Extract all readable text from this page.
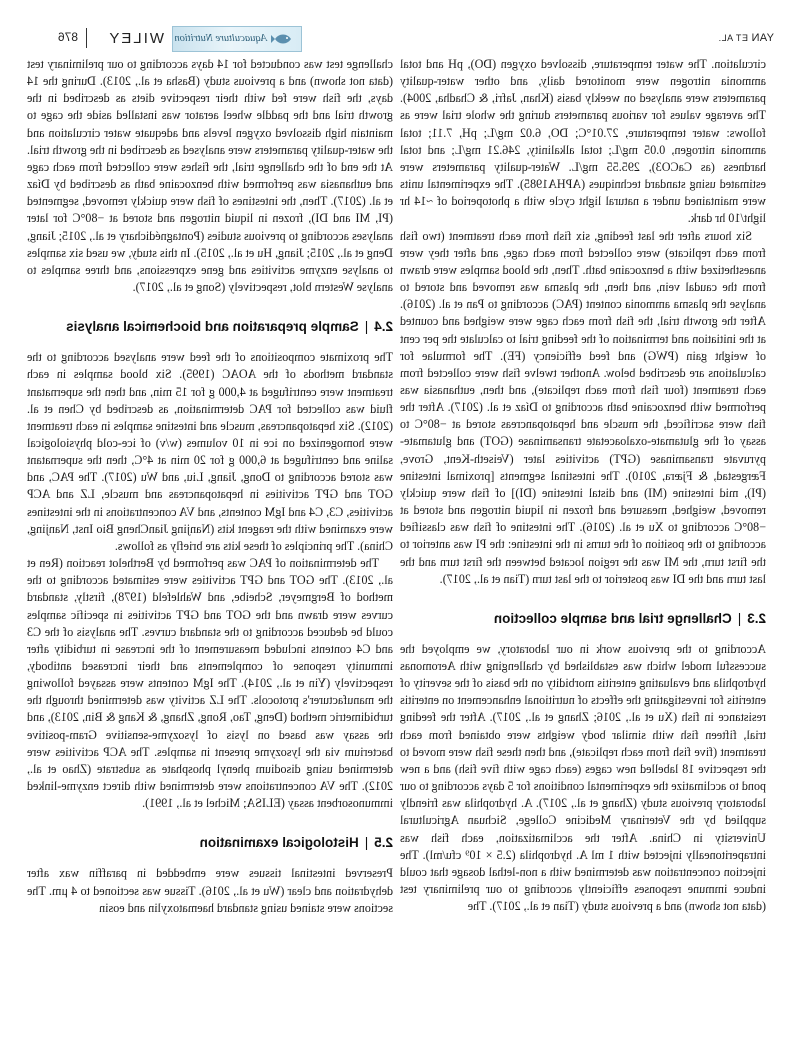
876 WILEY Aquaculture Nutrition	YAN ET AL.

circulation. The water temperature, dissolved oxygen (DO), pH and total ammonia nitrogen were monitored daily, and other water-quality parameters were analysed on weekly basis (Khan, Jafri, & Chadha, 2004). The average values for various parameters during the whole trial were as follows: water temperature, 27.01°C; DO, 6.02 mg/L; pH, 7.11; total ammonia nitrogen, 0.05 mg/L; total alkalinity, 246.21 mg/L; and total hardness (as CaCO3), 295.55 mg/L. Water-quality parameters were estimated using standard techniques (APHA1985). The experimental units were maintained under a natural light cycle with a photoperiod of ~14 hr light/10 hr dark.

Six hours after the last feeding, six fish from each treatment (two fish from each replicate) were collected from each cage, and after they were anaesthetized with a benzocaine bath. Then, the blood samples were drawn from the caudal vein, and then, the plasma was removed and stored to analyse the plasma ammonia content (PAC) according to Pan et al. (2016). After the growth trial, the fish from each cage were weighed and counted at the initiation and termination of the feeding trial to calculate the per cent of weight gain (PWG) and feed efficiency (FE). The formulae for calculations are described below. Another twelve fish were collected from each treatment (four fish from each replicate), and then, euthanasia was performed with benzocaine bath according to Díaz et al. (2017). After the fish were sacrificed, the muscle and hepatopancreas stored at −80°C to assay of the glutamate-oxaloacetate transaminase (GOT) and glutamate-pyruvate transaminase (GPT) activities later (Veiseth-Kent, Grove, Færgestad, & Fjæra, 2010). The intestinal segments [proximal intestine (PI), mid intestine (MI) and distal intestine (DI)] of fish were quickly removed, weighed, measured and frozen in liquid nitrogen and stored at −80°C according to Xu et al. (2016). The intestine of fish was classified according to the position of the turns in the intestine: the PI was anterior to the first turn, the MI was the region located between the first turn and the last turn and the DI was posterior to the last turn (Tian et al., 2017).

2.3|Challenge trial and sample collection

According to the previous work in our laboratory, we employed the successful model which was established by challenging with Aeromonas hydrophila and evaluating enteritis morbidity on the basis of the severity of enteritis for investigating the effects of nutritional enhancement on enteritis resistance in fish (Xu et al., 2016; Zhang et al., 2017). After the feeding trial, fifteen fish with similar body weights were obtained from each treatment (five fish from each replicate), and then these fish were moved to the respective 18 labelled new cages (each cage with five fish) and a new pond to acclimatize the experimental conditions for 5 days according to our laboratory previous study (Zhang et al., 2017). A. hydrophila was friendly supplied by the Veterinary Medicine College, Sichuan Agricultural University in China. After the acclimatization, each fish was intraperitoneally injected with 1 ml A. hydrophila (2.5 × 10⁹ cfu/ml). The injection concentration was determined with a non-lethal dosage that could induce immune responses efficiently according to our preliminary test (data not shown) and a previous study (Tian et al., 2017). The

challenge test was conducted for 14 days according to our preliminary test (data not shown) and a previous study (Basha et al., 2013). During the 14 days, the fish were fed with their respective diets as described in the growth trial and the paddle wheel aerator was installed aside the cage to maintain high dissolved oxygen levels and adequate water circulation and the water-quality parameters were analysed as described in the growth trial. At the end of the challenge trial, the fishes were collected from each cage and euthanasia was performed with benzocaine bath as described by Díaz et al. (2017). Then, the intestines of fish were quickly removed, segmented (PI, MI and DI), frozen in liquid nitrogen and stored at −80°C for later analyses according to previous studies (Pontagnédichary et al., 2015; Jiang, Deng et al., 2015; Jiang, Hu et al., 2015). In this study, we used six samples to analyse enzyme activities and gene expressions, and three samples to analyse Western blot, respectively (Song et al., 2017).

2.4|Sample preparation and biochemical analysis

The proximate compositions of the feed were analysed according to the standard methods of the AOAC (1995). Six blood samples in each treatment were centrifuged at 4,000 g for 15 min, and then the supernatant fluid was collected for PAC determination, as described by Chen et al. (2012). Six hepatopancreas, muscle and intestine samples in each treatment were homogenized on ice in 10 volumes (w/v) of ice-cold physiological saline and centrifuged at 6,000 g for 20 min at 4°C, then the supernatant was stored according to Dong, Jiang, Liu, and Wu (2017). The PAC, and GOT and GPT activities in hepatopancreas and muscle, LZ and ACP activities, C3, C4 and IgM contents, and VA concentrations in the intestines were examined with the reagent kits (Nanjing JianCheng Bio Inst, Nanjing, China). The principles of these kits are briefly as follows.

The determination of PAC was performed by Berthelot reaction (Ren et al., 2013). The GOT and GPT activities were estimated according to the method of Bergmeyer, Scheibe, and Wahlefeld (1978), firstly, standard curves were drawn and the GOT and GPT activities in specific samples could be deduced according to the standard curves. The analysis of the C3 and C4 contents included measurement of the increase in turbidity after immunity response of complements and their increased antibody, respectively (Yin et al., 2014). The IgM contents were assayed following the manufacturer's protocols. The LZ activity was determined through the turbidimetric method (Deng, Tao, Rong, Zhang, & Kang & Bin, 2013), and the assay was based on lysis of lysozyme-sensitive Gram-positive bacterium via the lysozyme present in samples. The ACP activities were determined using disodium phenyl phosphate as substrate (Zhao et al., 2012). The VA concentrations were determined with direct enzyme-linked immunosorbent assay (ELISA; Michel et al., 1991).

2.5|Histological examination

Preserved intestinal tissues were embedded in paraffin wax after dehydration and clear (Wu et al., 2016). Tissue was sectioned to 4 μm. The sections were stained using standard haematoxylin and eosin
